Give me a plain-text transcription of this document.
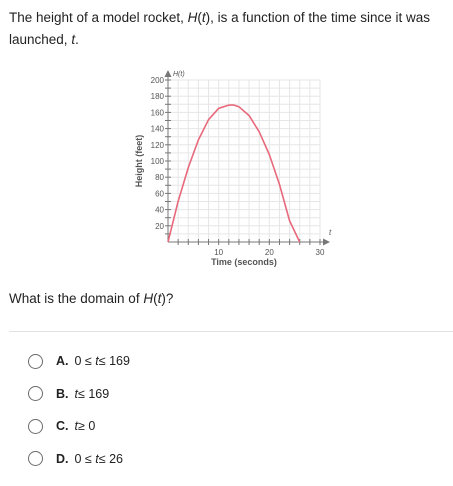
The height of a model rocket, H(t), is a function of the time since it was launched, t.
10	20	30
20
40
60
80
100
120
140
160
180
200
t
H(t)
Time (seconds)
Height (feet)
What is the domain of H(t)?
A. 0 ≤ t≤ 169
B. t≤ 169
C. t≥ 0
D. 0 ≤ t≤ 26
